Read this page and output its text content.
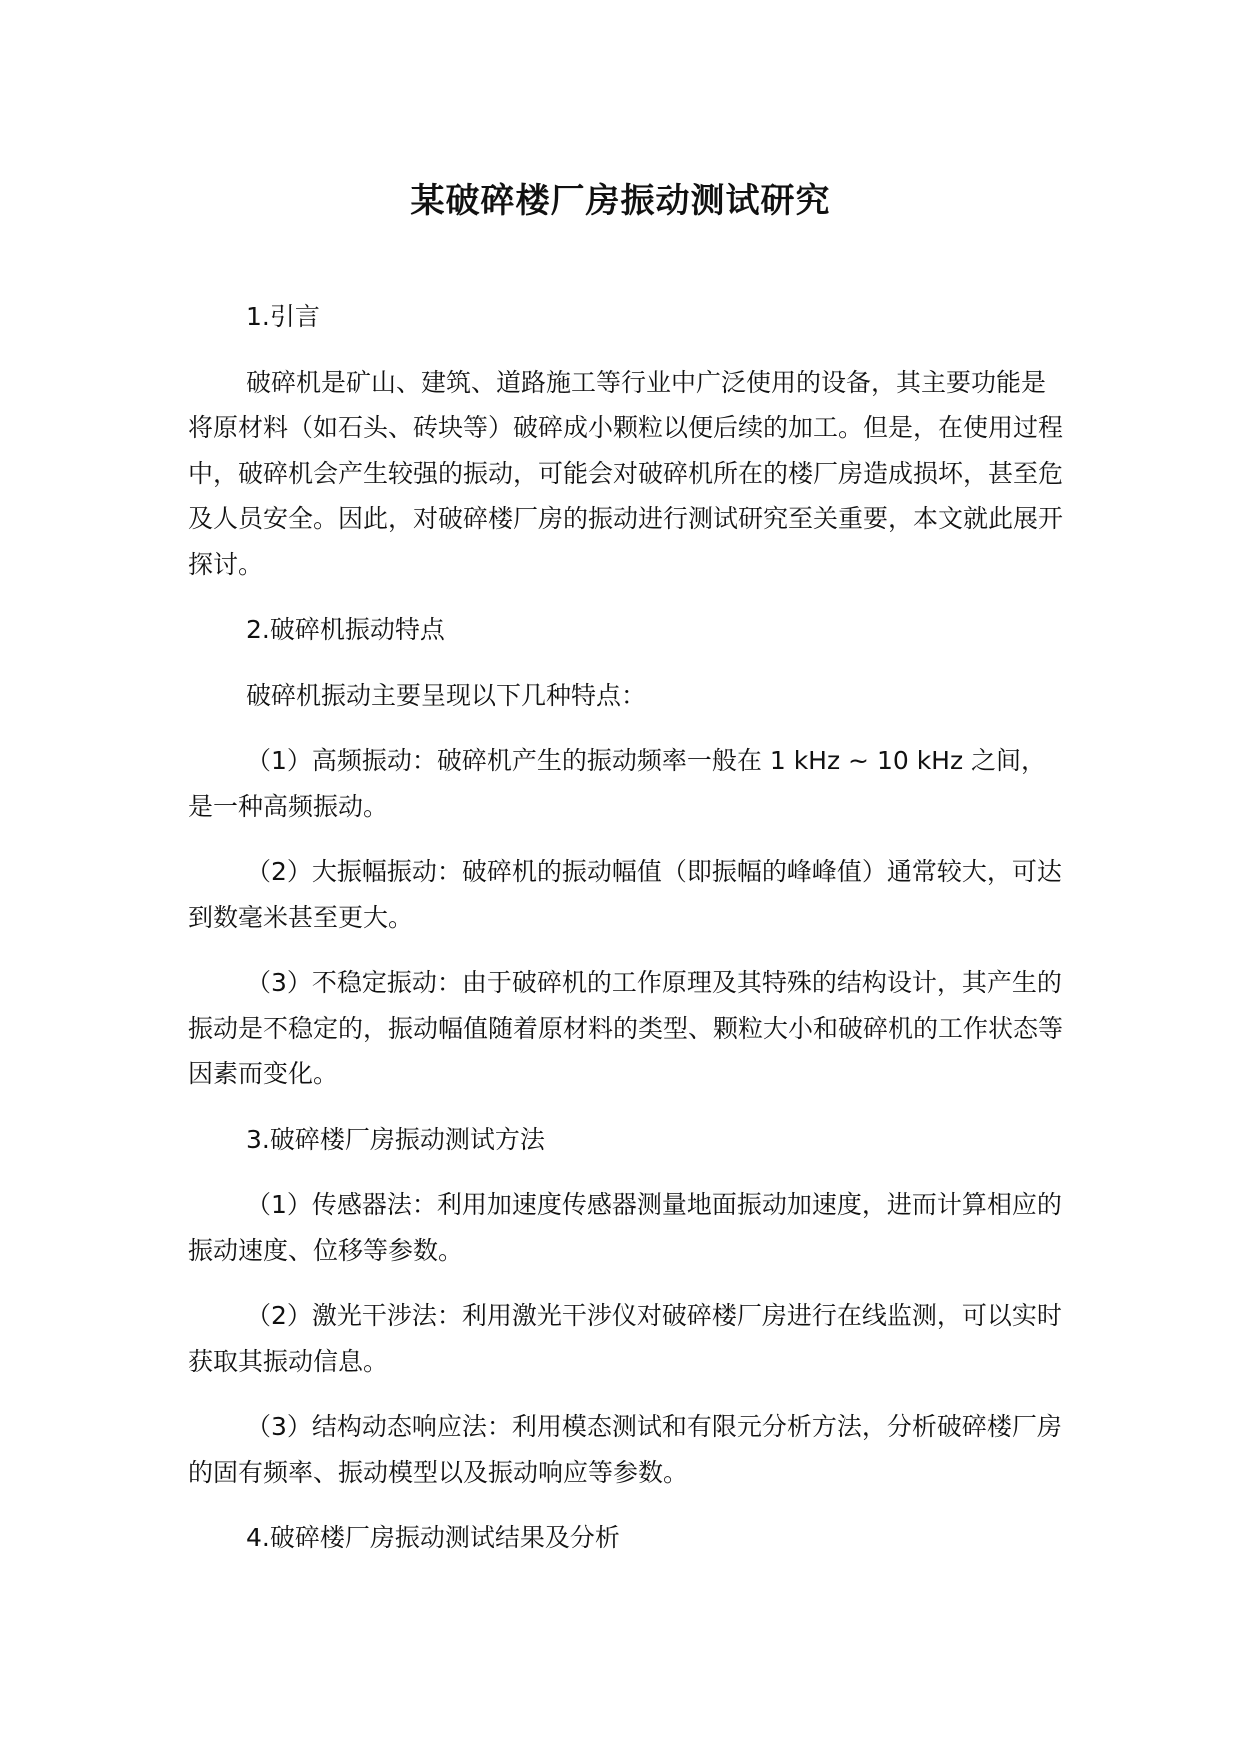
某破碎楼厂房振动测试研究

1.引言

破碎机是矿山、建筑、道路施工等行业中广泛使用的设备，其主要功能是将原材料（如石头、砖块等）破碎成小颗粒以便后续的加工。但是，在使用过程中，破碎机会产生较强的振动，可能会对破碎机所在的楼厂房造成损坏，甚至危及人员安全。因此，对破碎楼厂房的振动进行测试研究至关重要，本文就此展开探讨。

2.破碎机振动特点

破碎机振动主要呈现以下几种特点：

（1）高频振动：破碎机产生的振动频率一般在 1 kHz ~ 10 kHz 之间，是一种高频振动。

（2）大振幅振动：破碎机的振动幅值（即振幅的峰峰值）通常较大，可达到数毫米甚至更大。

（3）不稳定振动：由于破碎机的工作原理及其特殊的结构设计，其产生的振动是不稳定的，振动幅值随着原材料的类型、颗粒大小和破碎机的工作状态等因素而变化。

3.破碎楼厂房振动测试方法

（1）传感器法：利用加速度传感器测量地面振动加速度，进而计算相应的振动速度、位移等参数。

（2）激光干涉法：利用激光干涉仪对破碎楼厂房进行在线监测，可以实时获取其振动信息。

（3）结构动态响应法：利用模态测试和有限元分析方法，分析破碎楼厂房的固有频率、振动模型以及振动响应等参数。

4.破碎楼厂房振动测试结果及分析
